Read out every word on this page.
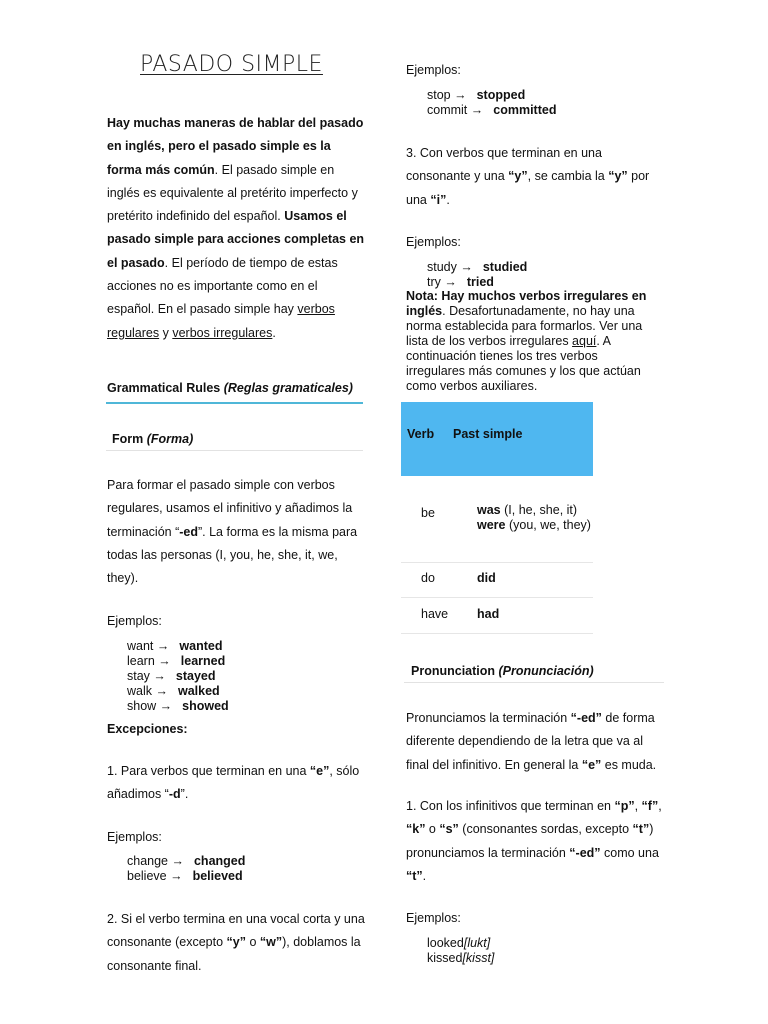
PASADO SIMPLE
Hay muchas maneras de hablar del pasado en inglés, pero el pasado simple es la forma más común. El pasado simple en inglés es equivalente al pretérito imperfecto y pretérito indefinido del español. Usamos el pasado simple para acciones completas en el pasado. El período de tiempo de estas acciones no es importante como en el español. En el pasado simple hay verbos regulares y verbos irregulares.
Grammatical Rules (Reglas gramaticales)
Form (Forma)
Para formar el pasado simple con verbos regulares, usamos el infinitivo y añadimos la terminación “-ed”. La forma es la misma para todas las personas (I, you, he, she, it, we, they).
Ejemplos:
want → wanted
learn → learned
stay → stayed
walk → walked
show → showed
Excepciones:
1. Para verbos que terminan en una “e”, sólo añadimos “-d”.
Ejemplos:
change → changed
believe → believed
2. Si el verbo termina en una vocal corta y una consonante (excepto “y” o “w”), doblamos la consonante final.
Ejemplos:
stop → stopped
commit → committed
3. Con verbos que terminan en una consonante y una “y”, se cambia la “y” por una “i”.
Ejemplos:
study → studied
try → tried
Nota: Hay muchos verbos irregulares en inglés. Desafortunadamente, no hay una norma establecida para formarlos. Ver una lista de los verbos irregulares aquí. A continuación tienes los tres verbos irregulares más comunes y los que actúan como verbos auxiliares.
Verb Past simple
be	was (I, he, she, it)
were (you, we, they)
do	did
have had
Pronunciation (Pronunciación)
Pronunciamos la terminación “-ed” de forma diferente dependiendo de la letra que va al final del infinitivo. En general la “e” es muda.
1. Con los infinitivos que terminan en “p”, “f”, “k” o “s” (consonantes sordas, excepto “t”) pronunciamos la terminación “-ed” como una “t”.
Ejemplos:
looked[lukt]
kissed[kisst]
